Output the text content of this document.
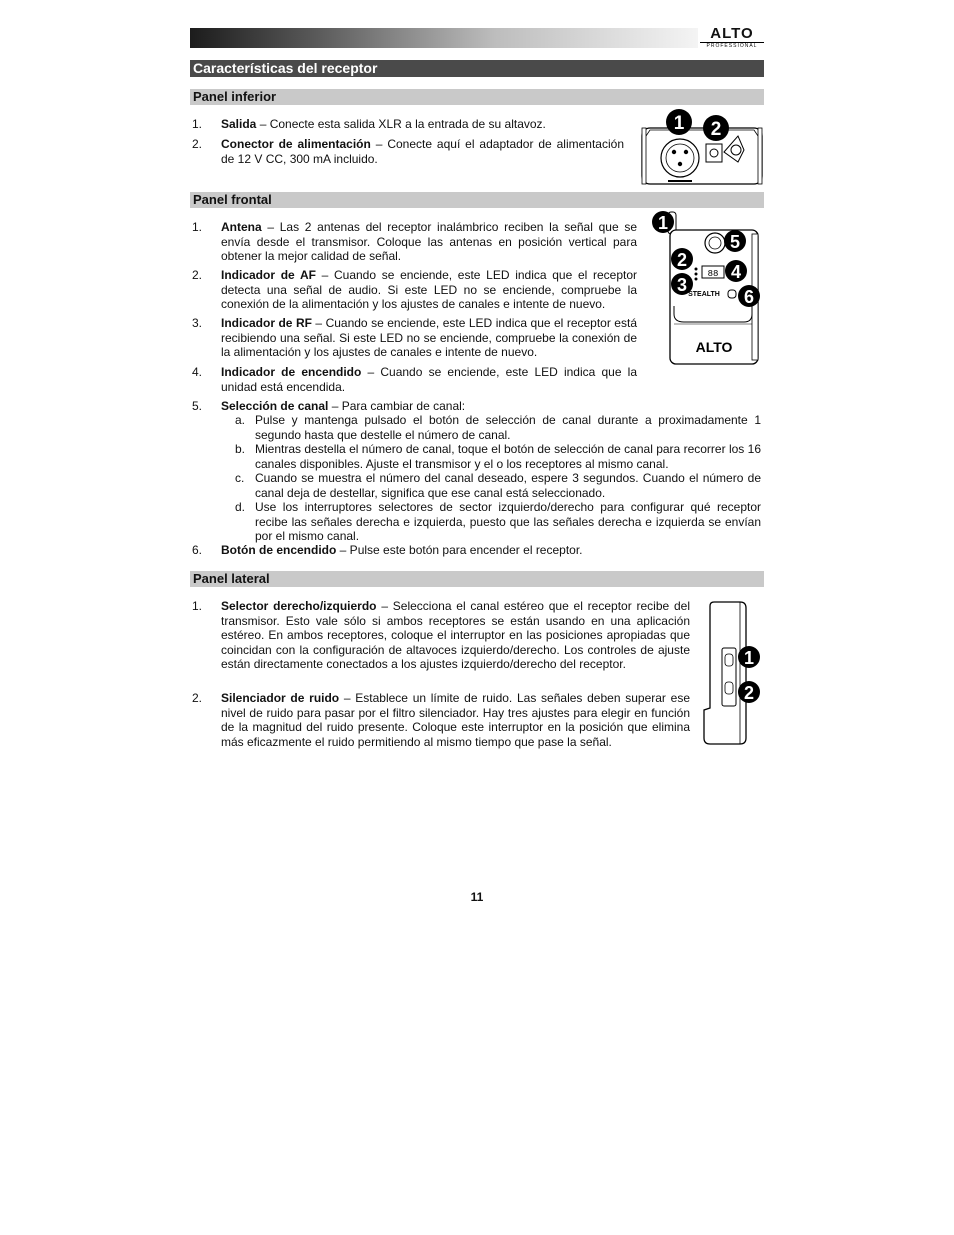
ALTO
PROFESSIONAL
Características del receptor
Panel inferior
1. Salida – Conecte esta salida XLR a la entrada de su altavoz.
2. Conector de alimentación – Conecte aquí el adaptador de alimentación de 12 V CC, 300 mA incluido.
1 2
Panel frontal
1. Antena – Las 2 antenas del receptor inalámbrico reciben la señal que se envía desde el transmisor. Coloque las antenas en posición vertical para obtener la mejor calidad de señal.
2. Indicador de AF – Cuando se enciende, este LED indica que el receptor detecta una señal de audio. Si este LED no se enciende, compruebe la conexión de la alimentación y los ajustes de canales e intente de nuevo.
3. Indicador de RF – Cuando se enciende, este LED indica que el receptor está recibiendo una señal. Si este LED no se enciende, compruebe la conexión de la alimentación y los ajustes de canales e intente de nuevo.
4. Indicador de encendido – Cuando se enciende, este LED indica que la unidad está encendida.
5. Selección de canal – Para cambiar de canal:
a. Pulse y mantenga pulsado el botón de selección de canal durante a proximadamente 1 segundo hasta que destelle el número de canal.
b. Mientras destella el número de canal, toque el botón de selección de canal para recorrer los 16 canales disponibles. Ajuste el transmisor y el o los receptores al mismo canal.
c. Cuando se muestra el número del canal deseado, espere 3 segundos. Cuando el número de canal deja de destellar, significa que ese canal está seleccionado.
d. Use los interruptores selectores de sector izquierdo/derecho para configurar qué receptor recibe las señales derecha e izquierda, puesto que las señales derecha e izquierda se envían por el mismo canal.
6. Botón de encendido – Pulse este botón para encender el receptor.
88
STEALTH
ALTO
1
2
3
4
5
6
Panel lateral
1. Selector derecho/izquierdo – Selecciona el canal estéreo que el receptor recibe del transmisor. Esto vale sólo si ambos receptores se están usando en una aplicación estéreo. En ambos receptores, coloque el interruptor en las posiciones apropiadas que coincidan con la configuración de altavoces izquierdo/derecho. Los controles de ajuste están directamente conectados a los ajustes izquierdo/derecho del receptor.
2. Silenciador de ruido – Establece un límite de ruido. Las señales deben superar ese nivel de ruido para pasar por el filtro silenciador. Hay tres ajustes para elegir en función de la magnitud del ruido presente. Coloque este interruptor en la posición que elimina más eficazmente el ruido permitiendo al mismo tiempo que pase la señal.
1
2
11
